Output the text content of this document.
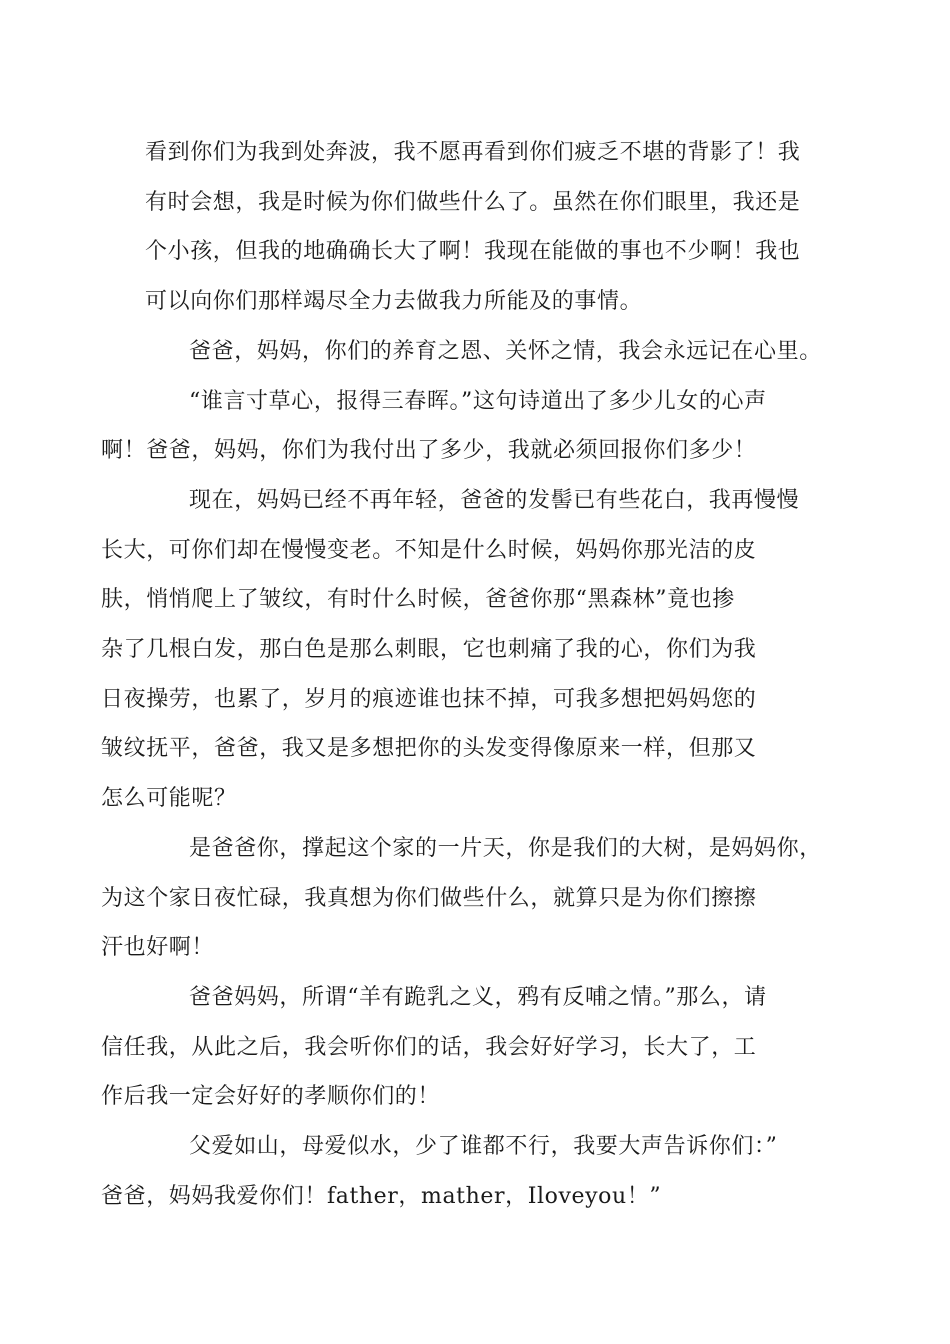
看到你们为我到处奔波，我不愿再看到你们疲乏不堪的背影了！我
有时会想，我是时候为你们做些什么了。虽然在你们眼里，我还是
个小孩，但我的地确确长大了啊！我现在能做的事也不少啊！我也
可以向你们那样竭尽全力去做我力所能及的事情。

爸爸，妈妈，你们的养育之恩、关怀之情，我会永远记在心里。

“谁言寸草心，报得三春晖。”这句诗道出了多少儿女的心声
啊！爸爸，妈妈，你们为我付出了多少，我就必须回报你们多少！

现在，妈妈已经不再年轻，爸爸的发髻已有些花白，我再慢慢
长大，可你们却在慢慢变老。不知是什么时候，妈妈你那光洁的皮
肤，悄悄爬上了皱纹，有时什么时候，爸爸你那“黑森林”竟也掺
杂了几根白发，那白色是那么刺眼，它也刺痛了我的心，你们为我
日夜操劳，也累了，岁月的痕迹谁也抹不掉，可我多想把妈妈您的
皱纹抚平，爸爸，我又是多想把你的头发变得像原来一样，但那又
怎么可能呢？

是爸爸你，撑起这个家的一片天，你是我们的大树，是妈妈你，
为这个家日夜忙碌，我真想为你们做些什么，就算只是为你们擦擦
汗也好啊！

爸爸妈妈，所谓“羊有跪乳之义，鸦有反哺之情。”那么，请
信任我，从此之后，我会听你们的话，我会好好学习，长大了，工
作后我一定会好好的孝顺你们的！

父爱如山，母爱似水，少了谁都不行，我要大声告诉你们：”
爸爸，妈妈我爱你们！father，mather，Iloveyou！”
